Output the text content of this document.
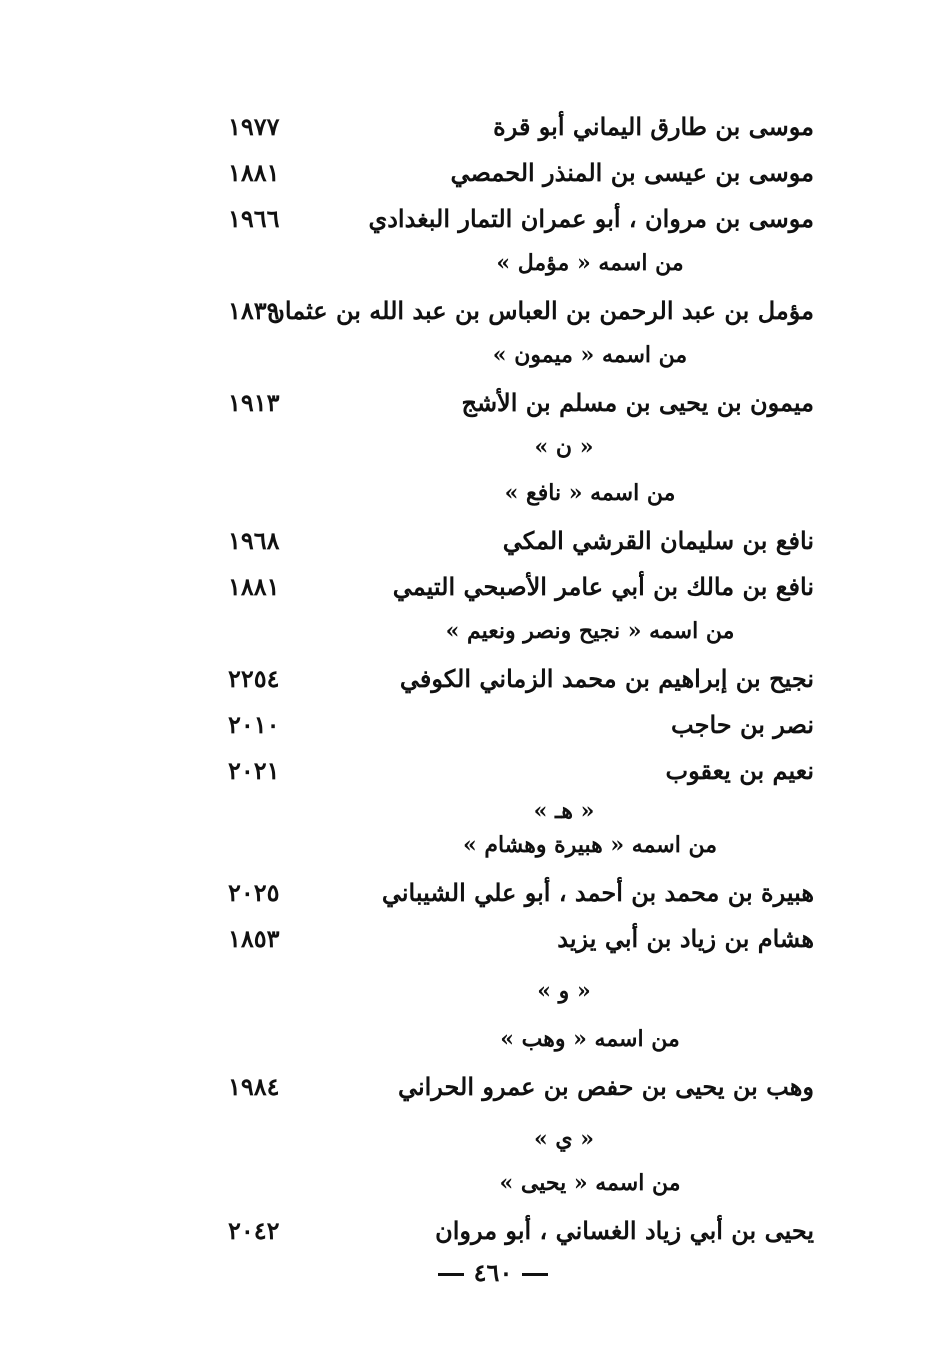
موسى بن طارق اليماني أبو قرة
١٩٧٧
موسى بن عيسى بن المنذر الحمصي
١٨٨١
موسى بن مروان ، أبو عمران التمار البغدادي
١٩٦٦
من اسمه « مؤمل »
مؤمل بن عبد الرحمن بن العباس بن عبد الله بن عثمان
١٨٣٩
من اسمه « ميمون »
ميمون بن يحيى بن مسلم بن الأشج
١٩١٣
« ن »
من اسمه « نافع »
نافع بن سليمان القرشي المكي
١٩٦٨
نافع بن مالك بن أبي عامر الأصبحي التيمي
١٨٨١
من اسمه « نجيح ونصر ونعيم »
نجيح بن إبراهيم بن محمد الزماني الكوفي
٢٢٥٤
نصر بن حاجب
٢٠١٠
نعيم بن يعقوب
٢٠٢١
« هـ »
من اسمه « هبيرة وهشام »
هبيرة بن محمد بن أحمد ، أبو علي الشيباني
٢٠٢٥
هشام بن زياد بن أبي يزيد
١٨٥٣
« و »
من اسمه « وهب »
وهب بن يحيى بن حفص بن عمرو الحراني
١٩٨٤
« ي »
من اسمه « يحيى »
يحيى بن أبي زياد الغساني ، أبو مروان
٢٠٤٢
٤٦٠
